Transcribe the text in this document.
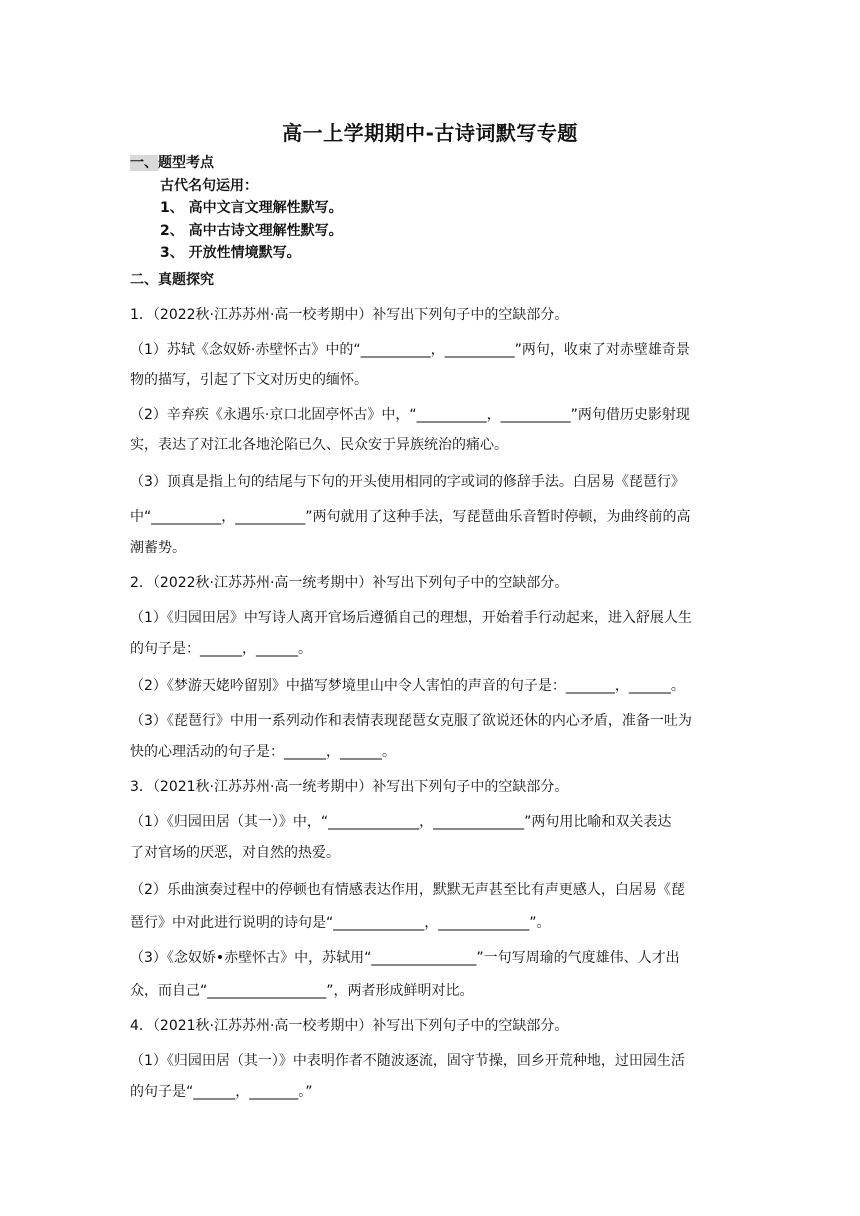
高一上学期期中-古诗词默写专题
一、题型考点
古代名句运用：
1、 高中文言文理解性默写。
2、 高中古诗文理解性默写。
3、 开放性情境默写。
二、真题探究
1．（2022秋·江苏苏州·高一校考期中）补写出下列句子中的空缺部分。
（1）苏轼《念奴娇·赤壁怀古》中的“__________，__________”两句，收束了对赤壁雄奇景
物的描写，引起了下文对历史的缅怀。
（2）辛弃疾《永遇乐·京口北固亭怀古》中，“__________，__________”两句借历史影射现
实，表达了对江北各地沦陷已久、民众安于异族统治的痛心。
（3）顶真是指上句的结尾与下句的开头使用相同的字或词的修辞手法。白居易《琵琶行》
中“__________，__________”两句就用了这种手法，写琵琶曲乐音暂时停顿，为曲终前的高
潮蓄势。
2．（2022秋·江苏苏州·高一统考期中）补写出下列句子中的空缺部分。
（1）《归园田居》中写诗人离开官场后遵循自己的理想，开始着手行动起来，进入舒展人生
的句子是：______，______。
（2）《梦游天姥吟留别》中描写梦境里山中令人害怕的声音的句子是：_______，______。
（3）《琵琶行》中用一系列动作和表情表现琵琶女克服了欲说还休的内心矛盾，准备一吐为
快的心理活动的句子是：______，______。
3．（2021秋·江苏苏州·高一统考期中）补写出下列句子中的空缺部分。
（1）《归园田居（其一）》中，“_____________，_____________”两句用比喻和双关表达
了对官场的厌恶，对自然的热爱。
（2）乐曲演奏过程中的停顿也有情感表达作用，默默无声甚至比有声更感人，白居易《琵
琶行》中对此进行说明的诗句是“_____________，_____________”。
（3）《念奴娇•赤壁怀古》中，苏轼用“_______________”一句写周瑜的气度雄伟、人才出
众，而自己“_________________”，两者形成鲜明对比。
4．（2021秋·江苏苏州·高一校考期中）补写出下列句子中的空缺部分。
（1）《归园田居（其一）》中表明作者不随波逐流，固守节操，回乡开荒种地，过田园生活
的句子是“______，_______。”
